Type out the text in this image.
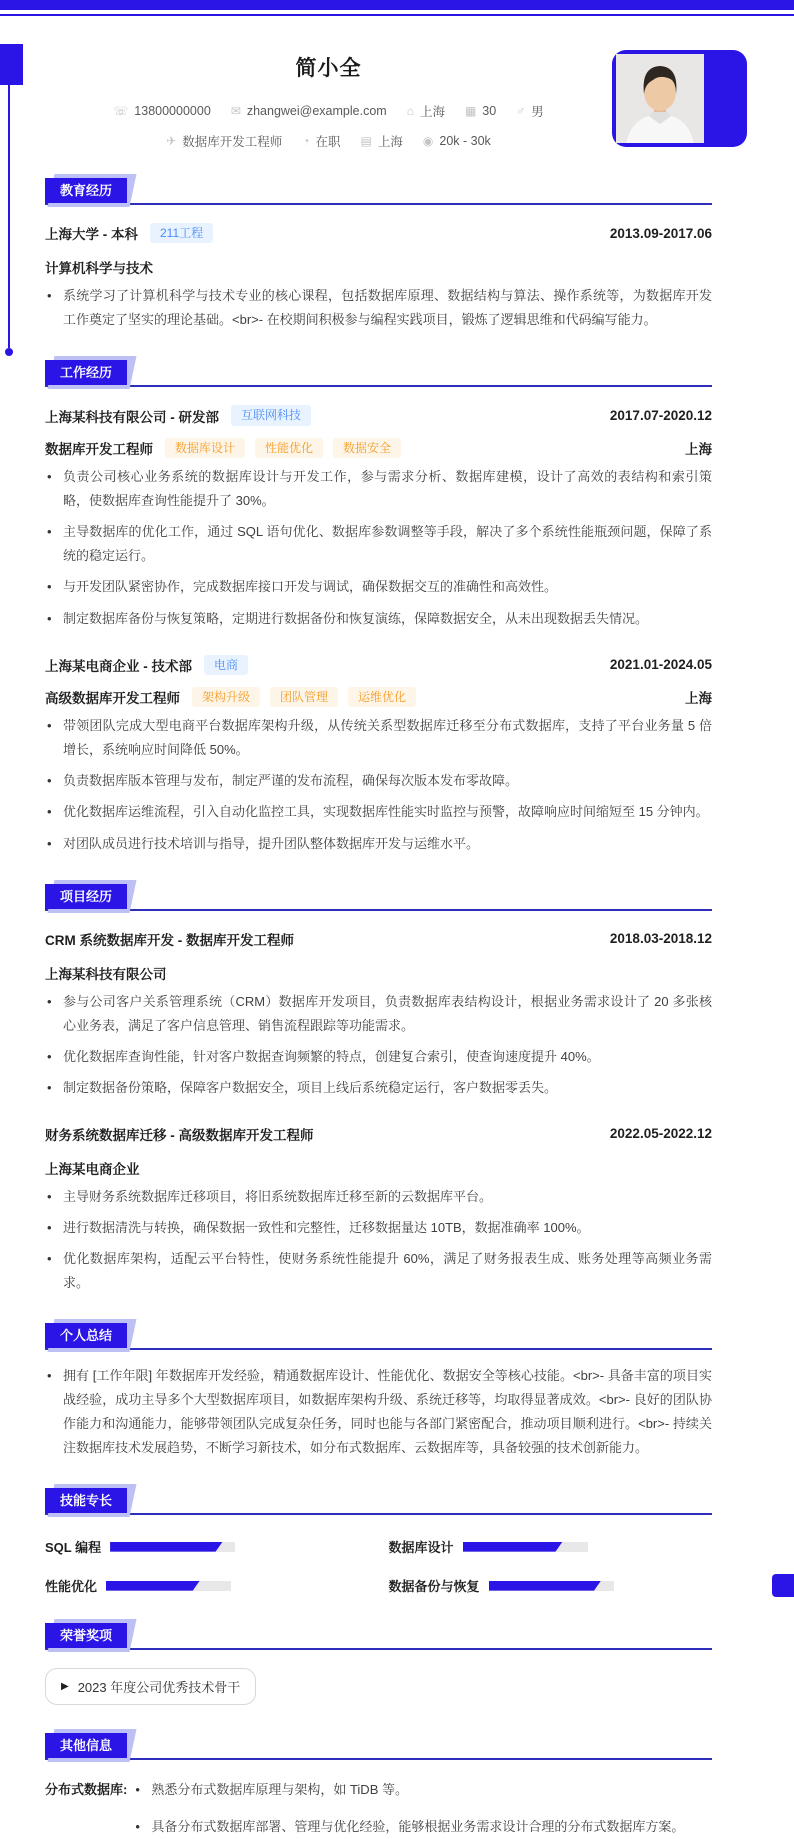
简小全
☏ 13800000000 ✉ zhangwei@example.com ⌂ 上海 ▦ 30 ♂ 男
✈ 数据库开发工程师 ◔ 在职 ▤ 上海 ◉ 20k - 30k
教育经历
上海大学 - 本科	211工程	2013.09-2017.06
计算机科学与技术
• 系统学习了计算机科学与技术专业的核心课程，包括数据库原理、数据结构与算法、操作系统等，为数据库开发工作奠定了坚实的理论基础。<br>- 在校期间积极参与编程实践项目，锻炼了逻辑思维和代码编写能力。
工作经历
上海某科技有限公司 - 研发部	互联网科技	2017.07-2020.12
数据库开发工程师	数据库设计	性能优化	数据安全	上海
• 负责公司核心业务系统的数据库设计与开发工作，参与需求分析、数据库建模，设计了高效的表结构和索引策略，使数据库查询性能提升了 30%。
• 主导数据库的优化工作，通过 SQL 语句优化、数据库参数调整等手段，解决了多个系统性能瓶颈问题，保障了系统的稳定运行。
• 与开发团队紧密协作，完成数据库接口开发与调试，确保数据交互的准确性和高效性。
• 制定数据库备份与恢复策略，定期进行数据备份和恢复演练，保障数据安全，从未出现数据丢失情况。
上海某电商企业 - 技术部	电商	2021.01-2024.05
高级数据库开发工程师	架构升级	团队管理	运维优化	上海
• 带领团队完成大型电商平台数据库架构升级，从传统关系型数据库迁移至分布式数据库，支持了平台业务量 5 倍增长，系统响应时间降低 50%。
• 负责数据库版本管理与发布，制定严谨的发布流程，确保每次版本发布零故障。
• 优化数据库运维流程，引入自动化监控工具，实现数据库性能实时监控与预警，故障响应时间缩短至 15 分钟内。
• 对团队成员进行技术培训与指导，提升团队整体数据库开发与运维水平。
项目经历
CRM 系统数据库开发 - 数据库开发工程师	2018.03-2018.12
上海某科技有限公司
• 参与公司客户关系管理系统（CRM）数据库开发项目，负责数据库表结构设计，根据业务需求设计了 20 多张核心业务表，满足了客户信息管理、销售流程跟踪等功能需求。
• 优化数据库查询性能，针对客户数据查询频繁的特点，创建复合索引，使查询速度提升 40%。
• 制定数据备份策略，保障客户数据安全，项目上线后系统稳定运行，客户数据零丢失。
财务系统数据库迁移 - 高级数据库开发工程师	2022.05-2022.12
上海某电商企业
• 主导财务系统数据库迁移项目，将旧系统数据库迁移至新的云数据库平台。
• 进行数据清洗与转换，确保数据一致性和完整性，迁移数据量达 10TB，数据准确率 100%。
• 优化数据库架构，适配云平台特性，使财务系统性能提升 60%，满足了财务报表生成、账务处理等高频业务需求。
个人总结
• 拥有 [工作年限] 年数据库开发经验，精通数据库设计、性能优化、数据安全等核心技能。<br>- 具备丰富的项目实战经验，成功主导多个大型数据库项目，如数据库架构升级、系统迁移等，均取得显著成效。<br>- 良好的团队协作能力和沟通能力，能够带领团队完成复杂任务，同时也能与各部门紧密配合，推动项目顺利进行。<br>- 持续关注数据库技术发展趋势，不断学习新技术，如分布式数据库、云数据库等，具备较强的技术创新能力。
技能专长
SQL 编程	数据库设计
性能优化	数据备份与恢复
荣誉奖项
▶ 2023 年度公司优秀技术骨干
其他信息
分布式数据库:	• 熟悉分布式数据库原理与架构，如 TiDB 等。
• 具备分布式数据库部署、管理与优化经验，能够根据业务需求设计合理的分布式数据库方案。
